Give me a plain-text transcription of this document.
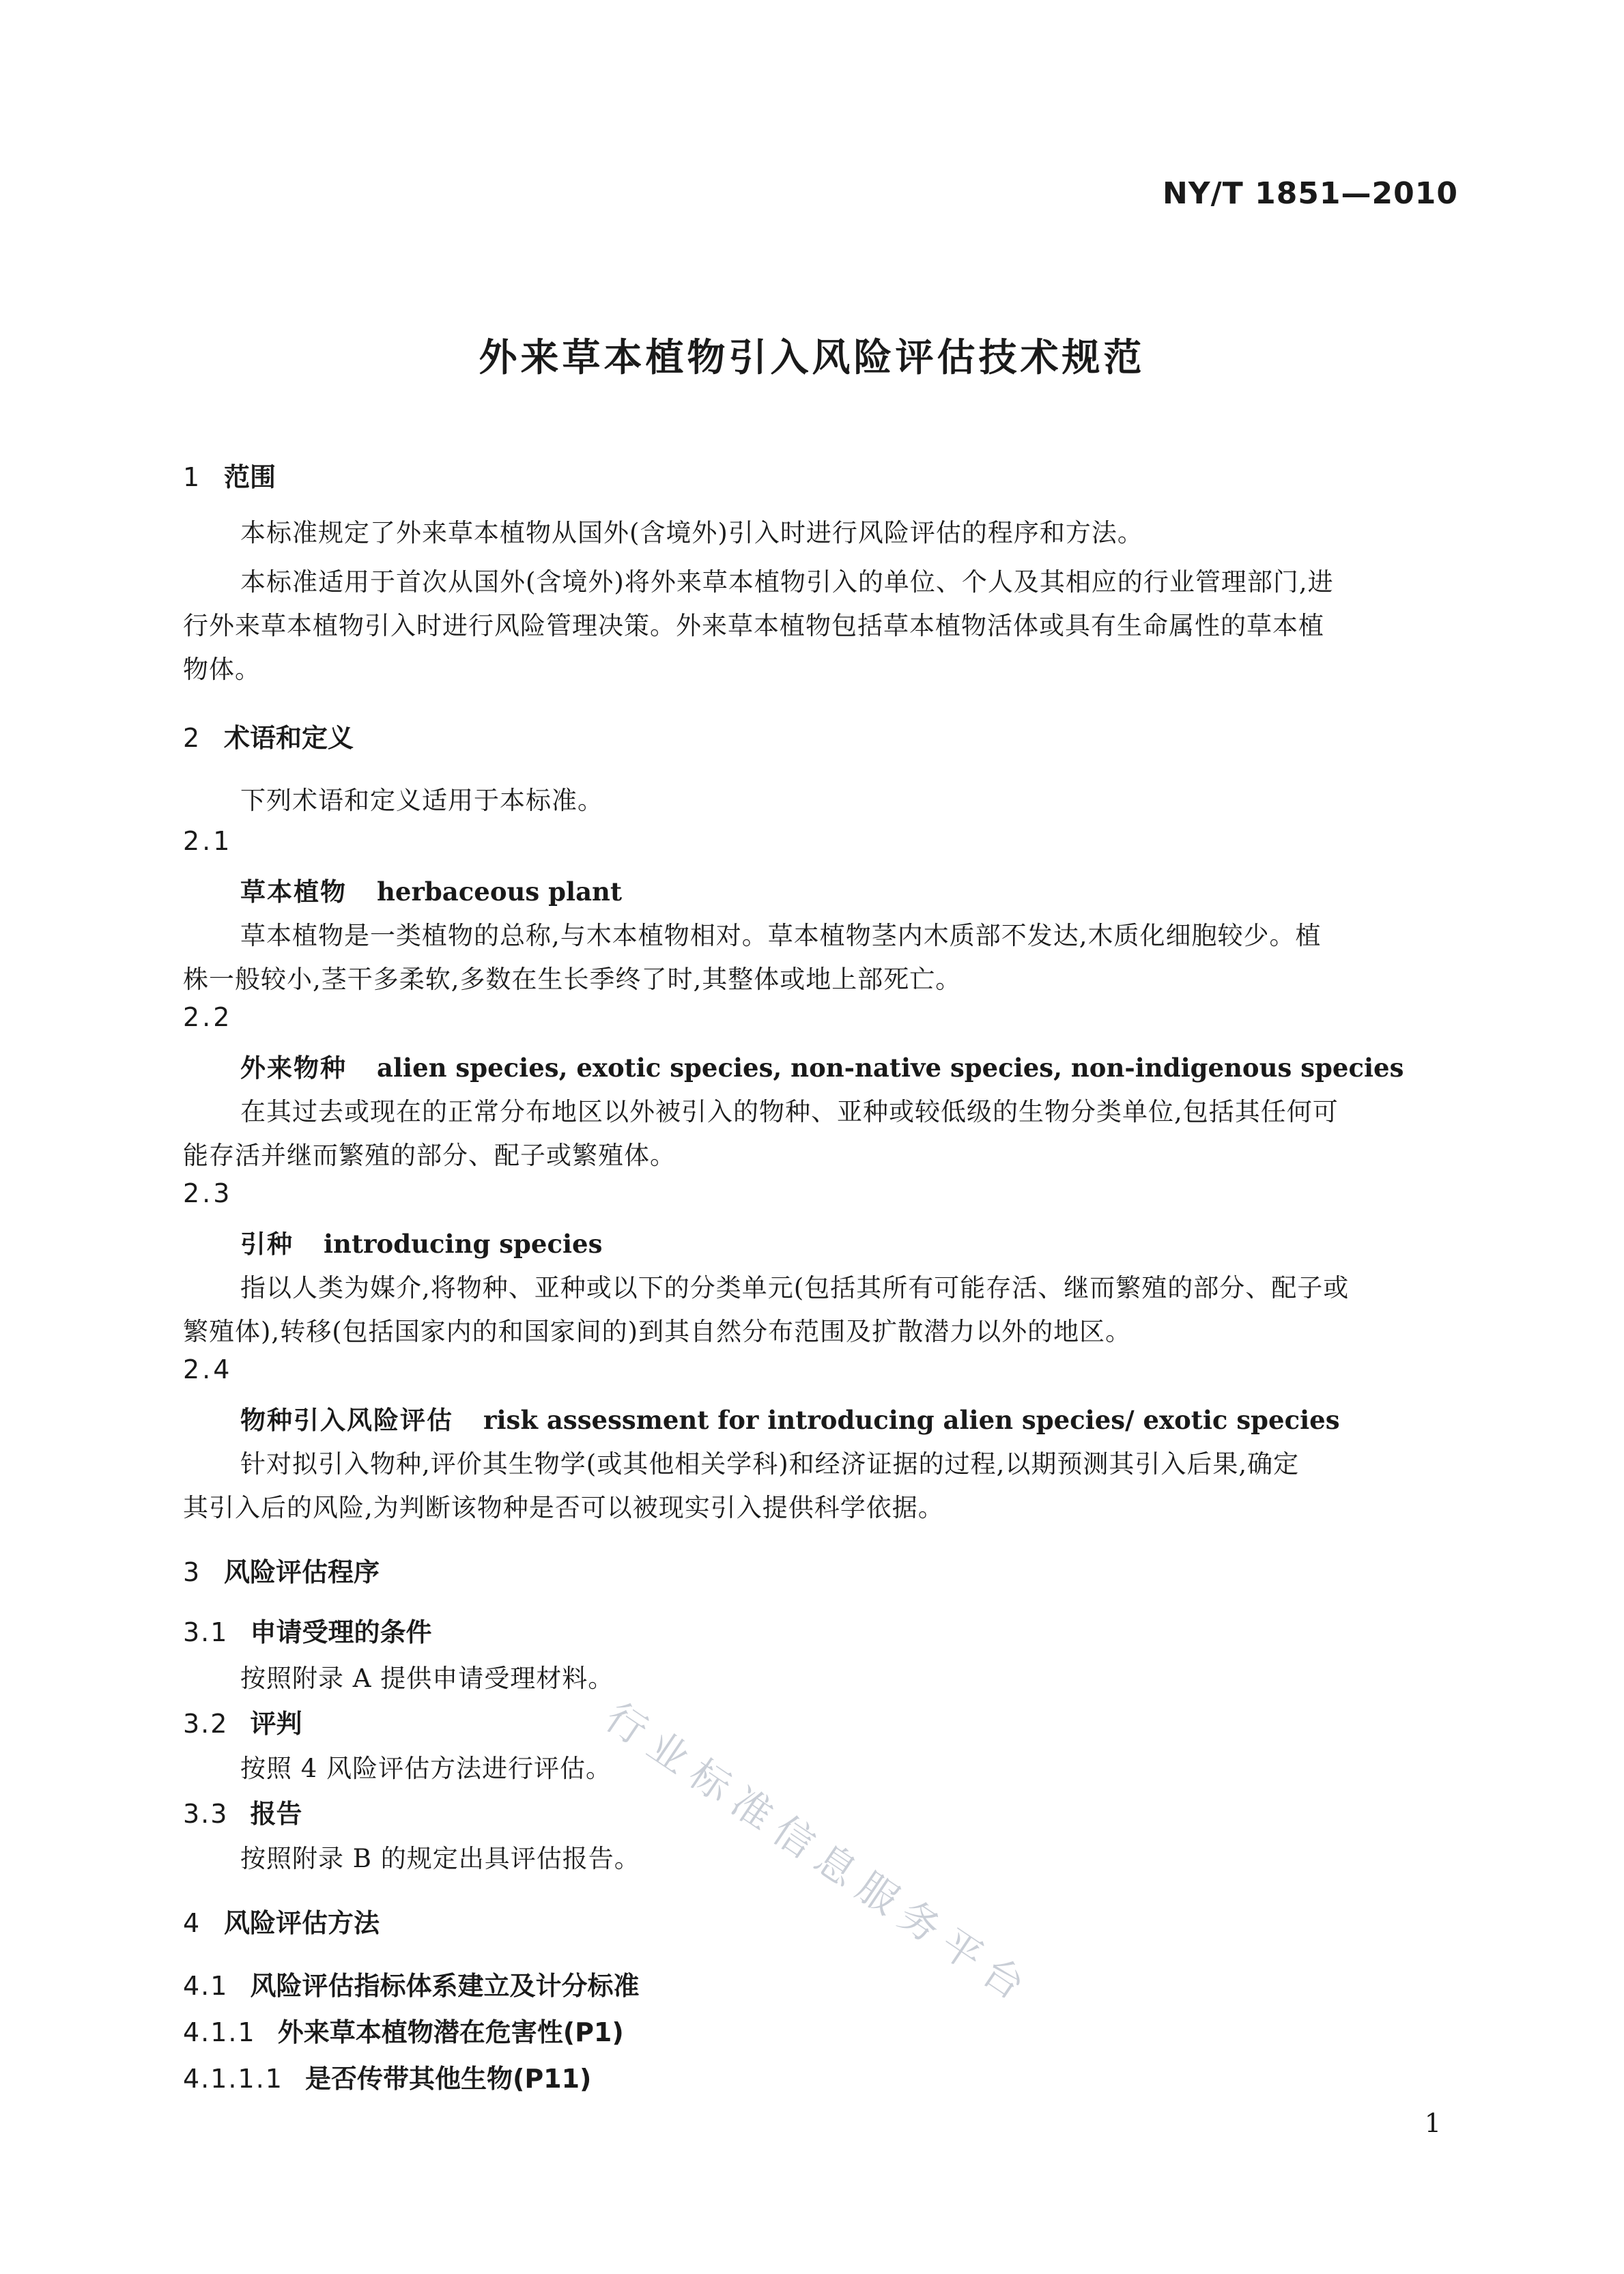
NY/T 1851—2010
外来草本植物引入风险评估技术规范
1 范围
本标准规定了外来草本植物从国外(含境外)引入时进行风险评估的程序和方法。
本标准适用于首次从国外(含境外)将外来草本植物引入的单位、个人及其相应的行业管理部门,进
行外来草本植物引入时进行风险管理决策。外来草本植物包括草本植物活体或具有生命属性的草本植
物体。
2 术语和定义
下列术语和定义适用于本标准。
2.1
草本植物 herbaceous plant
草本植物是一类植物的总称,与木本植物相对。草本植物茎内木质部不发达,木质化细胞较少。植
株一般较小,茎干多柔软,多数在生长季终了时,其整体或地上部死亡。
2.2
外来物种 alien species, exotic species, non-native species, non-indigenous species
在其过去或现在的正常分布地区以外被引入的物种、亚种或较低级的生物分类单位,包括其任何可
能存活并继而繁殖的部分、配子或繁殖体。
2.3
引种 introducing species
指以人类为媒介,将物种、亚种或以下的分类单元(包括其所有可能存活、继而繁殖的部分、配子或
繁殖体),转移(包括国家内的和国家间的)到其自然分布范围及扩散潜力以外的地区。
2.4
物种引入风险评估 risk assessment for introducing alien species/ exotic species
针对拟引入物种,评价其生物学(或其他相关学科)和经济证据的过程,以期预测其引入后果,确定
其引入后的风险,为判断该物种是否可以被现实引入提供科学依据。
3 风险评估程序
3.1 申请受理的条件
按照附录 A 提供申请受理材料。
3.2 评判
按照 4 风险评估方法进行评估。
3.3 报告
按照附录 B 的规定出具评估报告。
4 风险评估方法
4.1 风险评估指标体系建立及计分标准
4.1.1 外来草本植物潜在危害性(P1)
4.1.1.1 是否传带其他生物(P11)
行业标准信息服务平台
1
